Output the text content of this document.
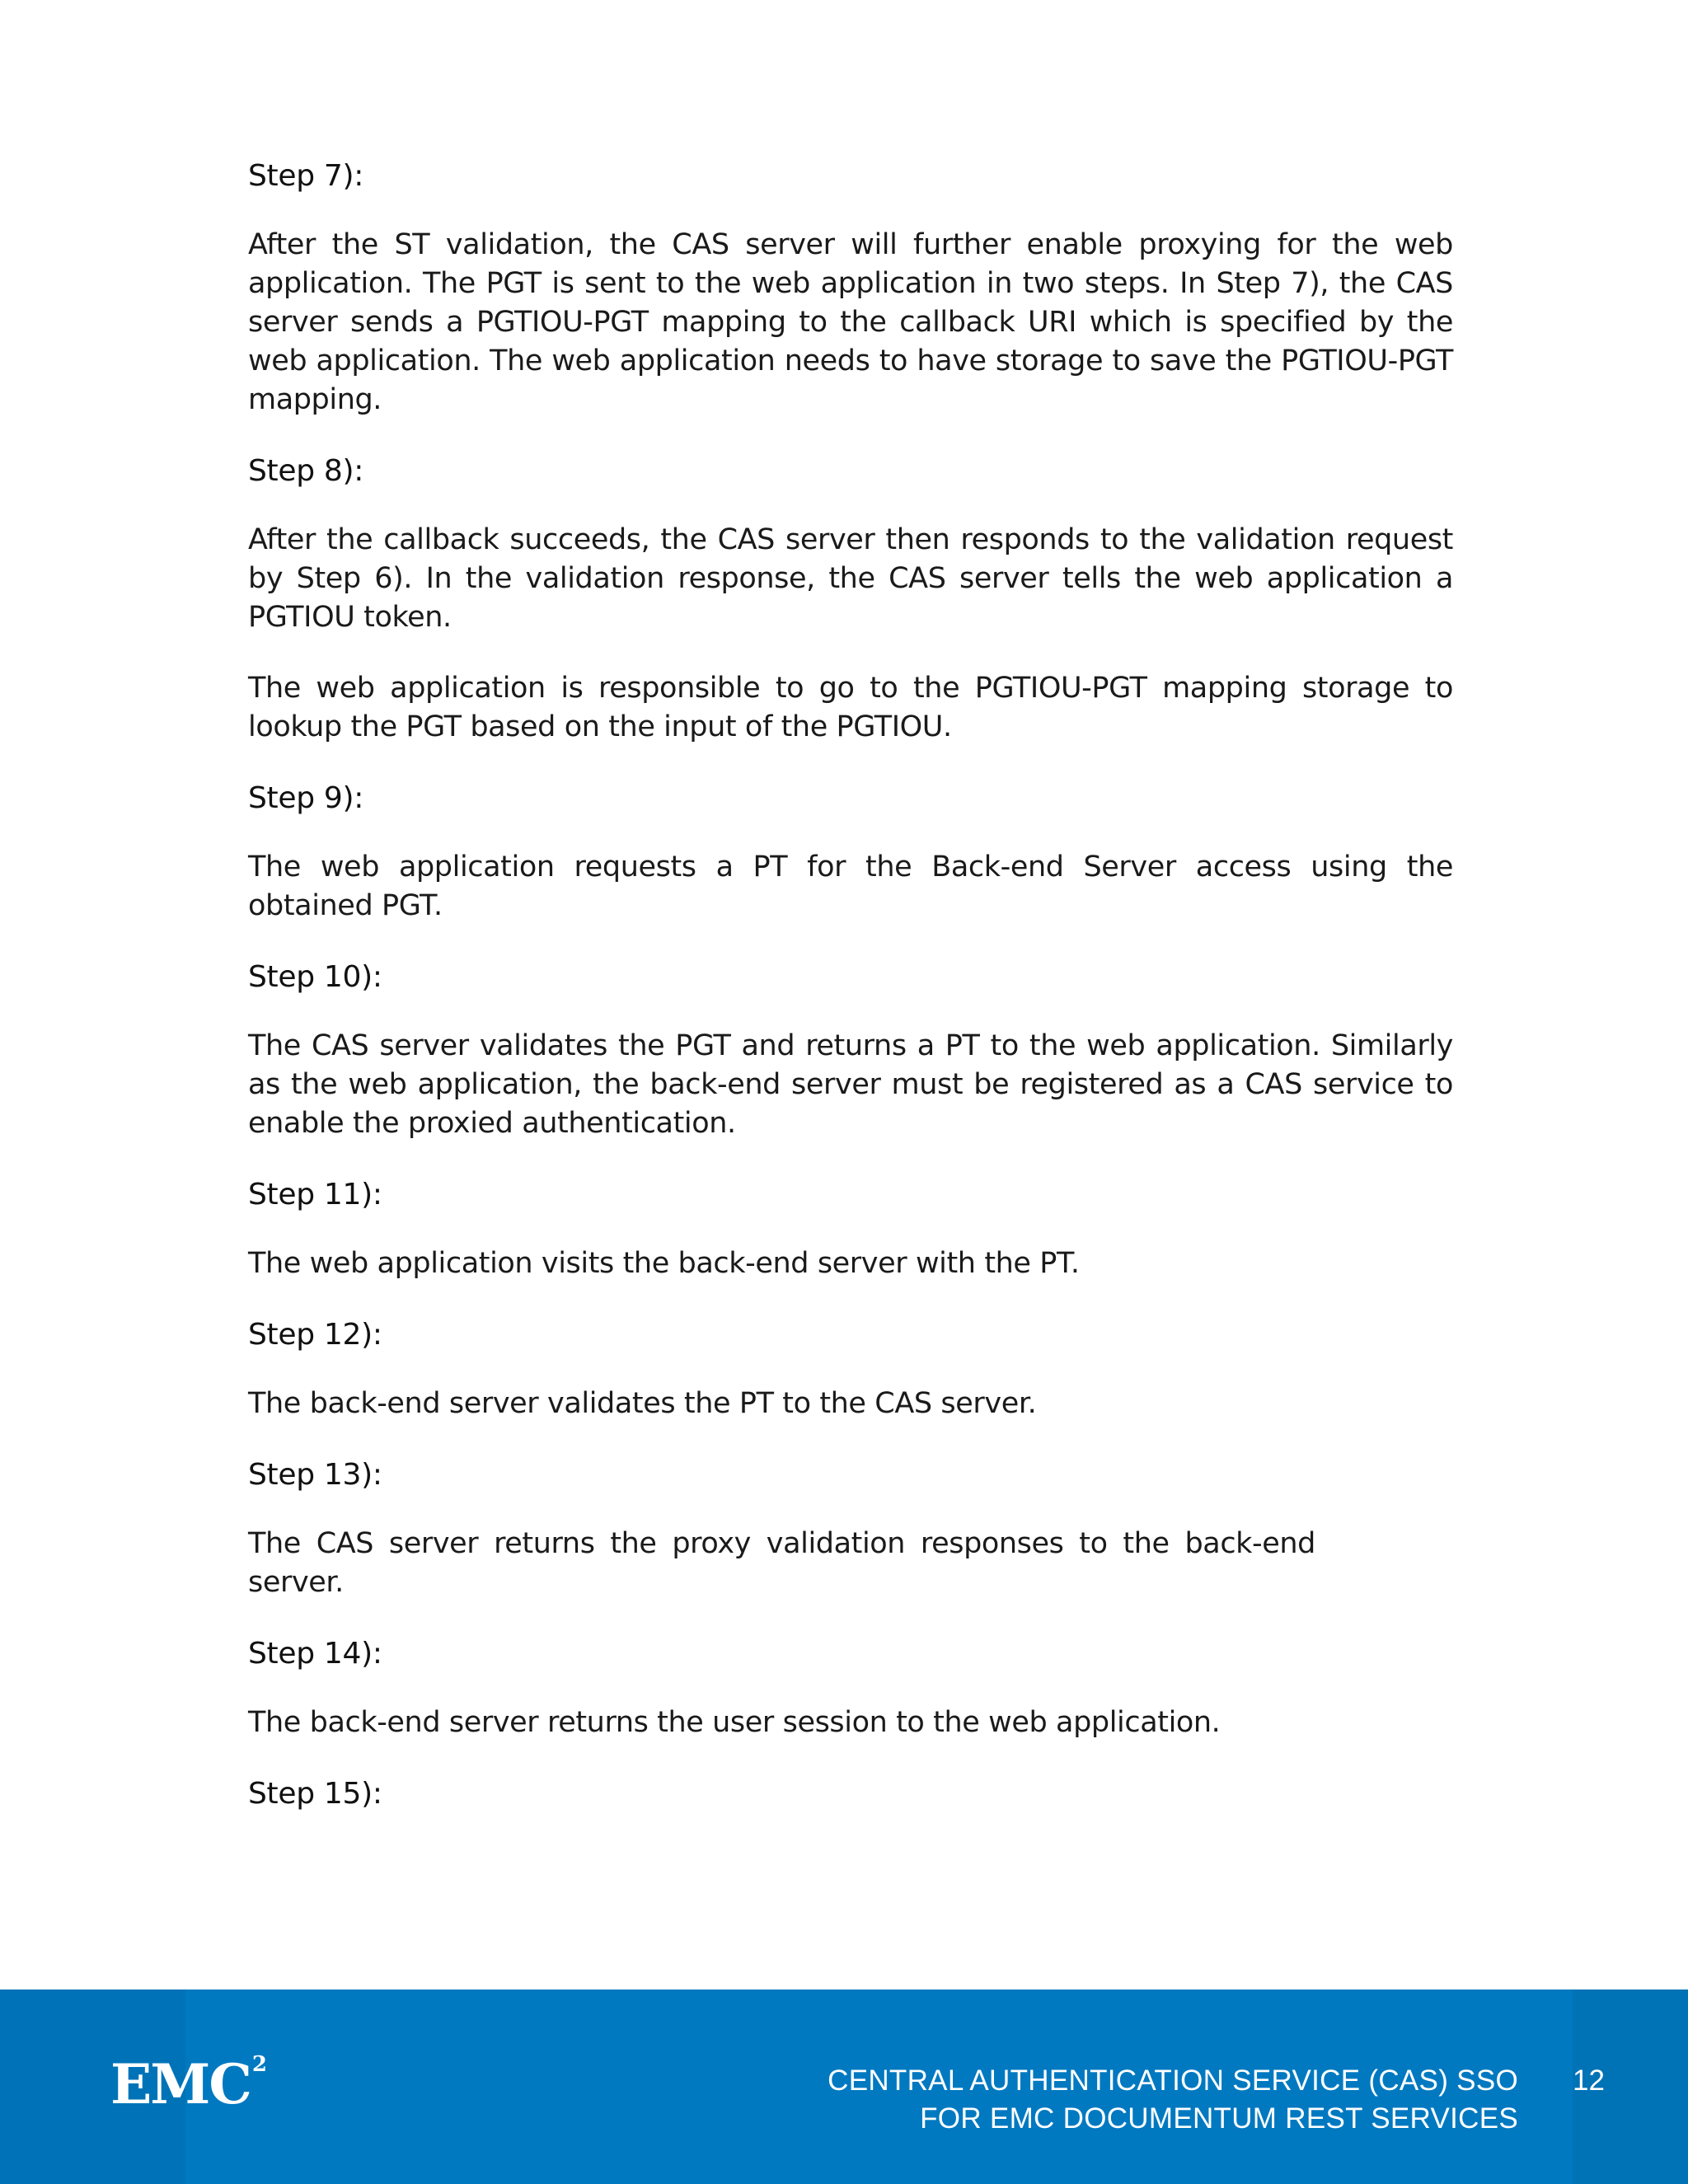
Step 7):

After the ST validation, the CAS server will further enable proxying for the web application. The PGT is sent to the web application in two steps. In Step 7), the CAS server sends a PGTIOU-PGT mapping to the callback URI which is specified by the web application. The web application needs to have storage to save the PGTIOU-PGT mapping.

Step 8):

After the callback succeeds, the CAS server then responds to the validation request by Step 6). In the validation response, the CAS server tells the web application a PGTIOU token.

The web application is responsible to go to the PGTIOU-PGT mapping storage to lookup the PGT based on the input of the PGTIOU.

Step 9):

The web application requests a PT for the Back-end Server access using the obtained PGT.

Step 10):

The CAS server validates the PGT and returns a PT to the web application. Similarly as the web application, the back-end server must be registered as a CAS service to enable the proxied authentication.

Step 11):

The web application visits the back-end server with the PT.

Step 12):

The back-end server validates the PT to the CAS server.

Step 13):

The CAS server returns the proxy validation responses to the back-end server.

Step 14):

The back-end server returns the user session to the web application.

Step 15):
EMC 2	CENTRAL AUTHENTICATION SERVICE (CAS) SSO
FOR EMC DOCUMENTUM REST SERVICES
12
